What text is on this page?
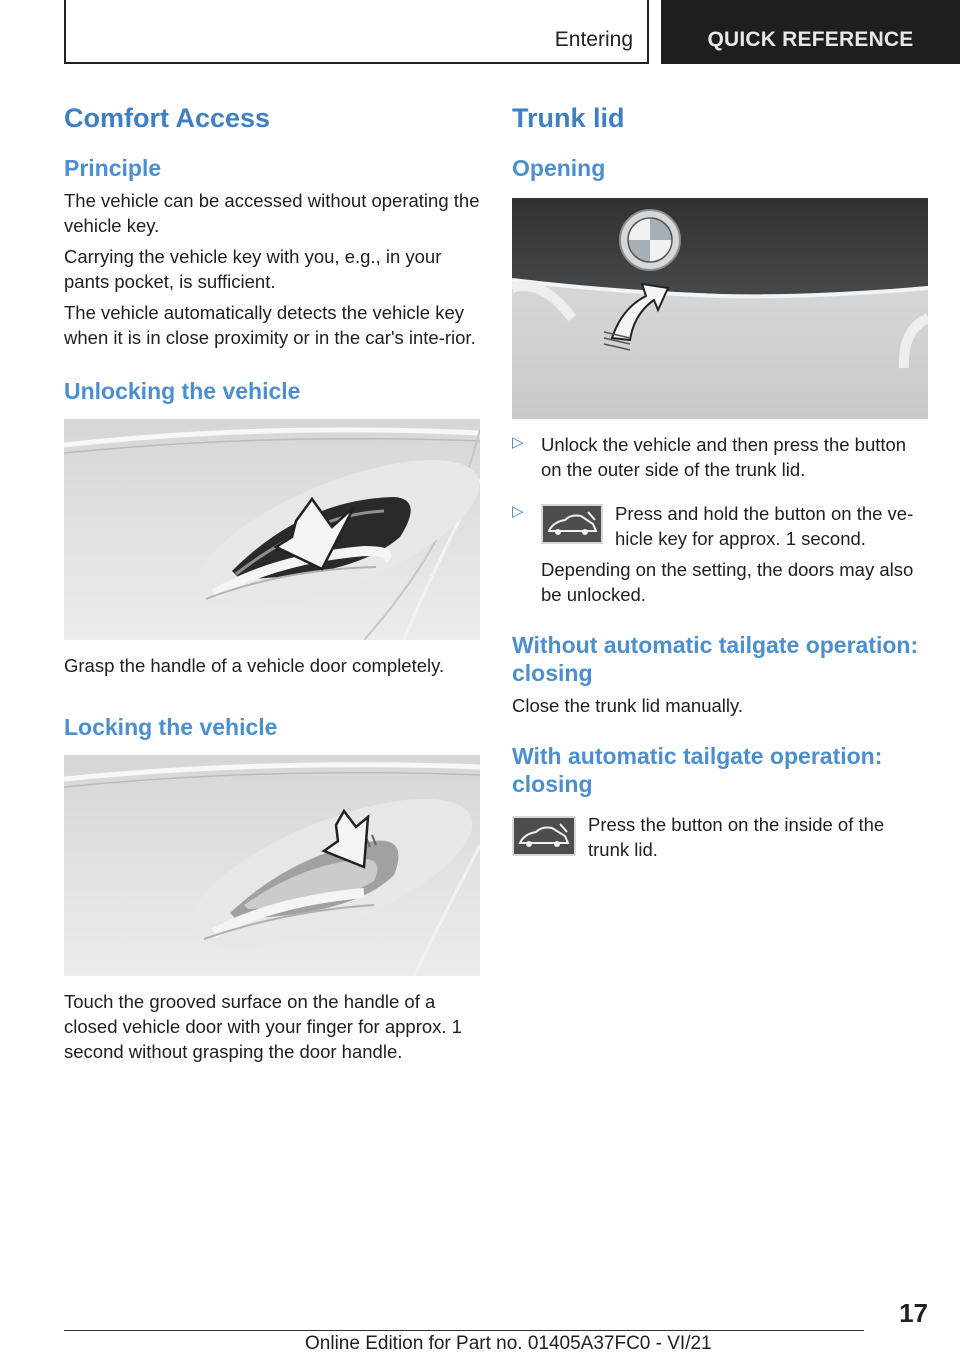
Entering	QUICK REFERENCE
Comfort Access
Principle

The vehicle can be accessed without operating the vehicle key.

Carrying the vehicle key with you, e.g., in your pants pocket, is sufficient.

The vehicle automatically detects the vehicle key when it is in close proximity or in the car's inte‐rior.

Unlocking the vehicle

Grasp the handle of a vehicle door completely.

Locking the vehicle

Touch the grooved surface on the handle of a closed vehicle door with your finger for approx. 1 second without grasping the door handle.

Trunk lid
Opening
▷ Unlock the vehicle and then press the button on the outer side of the trunk lid.

▷	Press and hold the button on the ve‐hicle key for approx. 1 second.

Depending on the setting, the doors may also be unlocked.

Without automatic tailgate operation: closing

Close the trunk lid manually.

With automatic tailgate operation: closing

Press the button on the inside of the trunk lid.

17
Online Edition for Part no. 01405A37FC0 - VI/21
